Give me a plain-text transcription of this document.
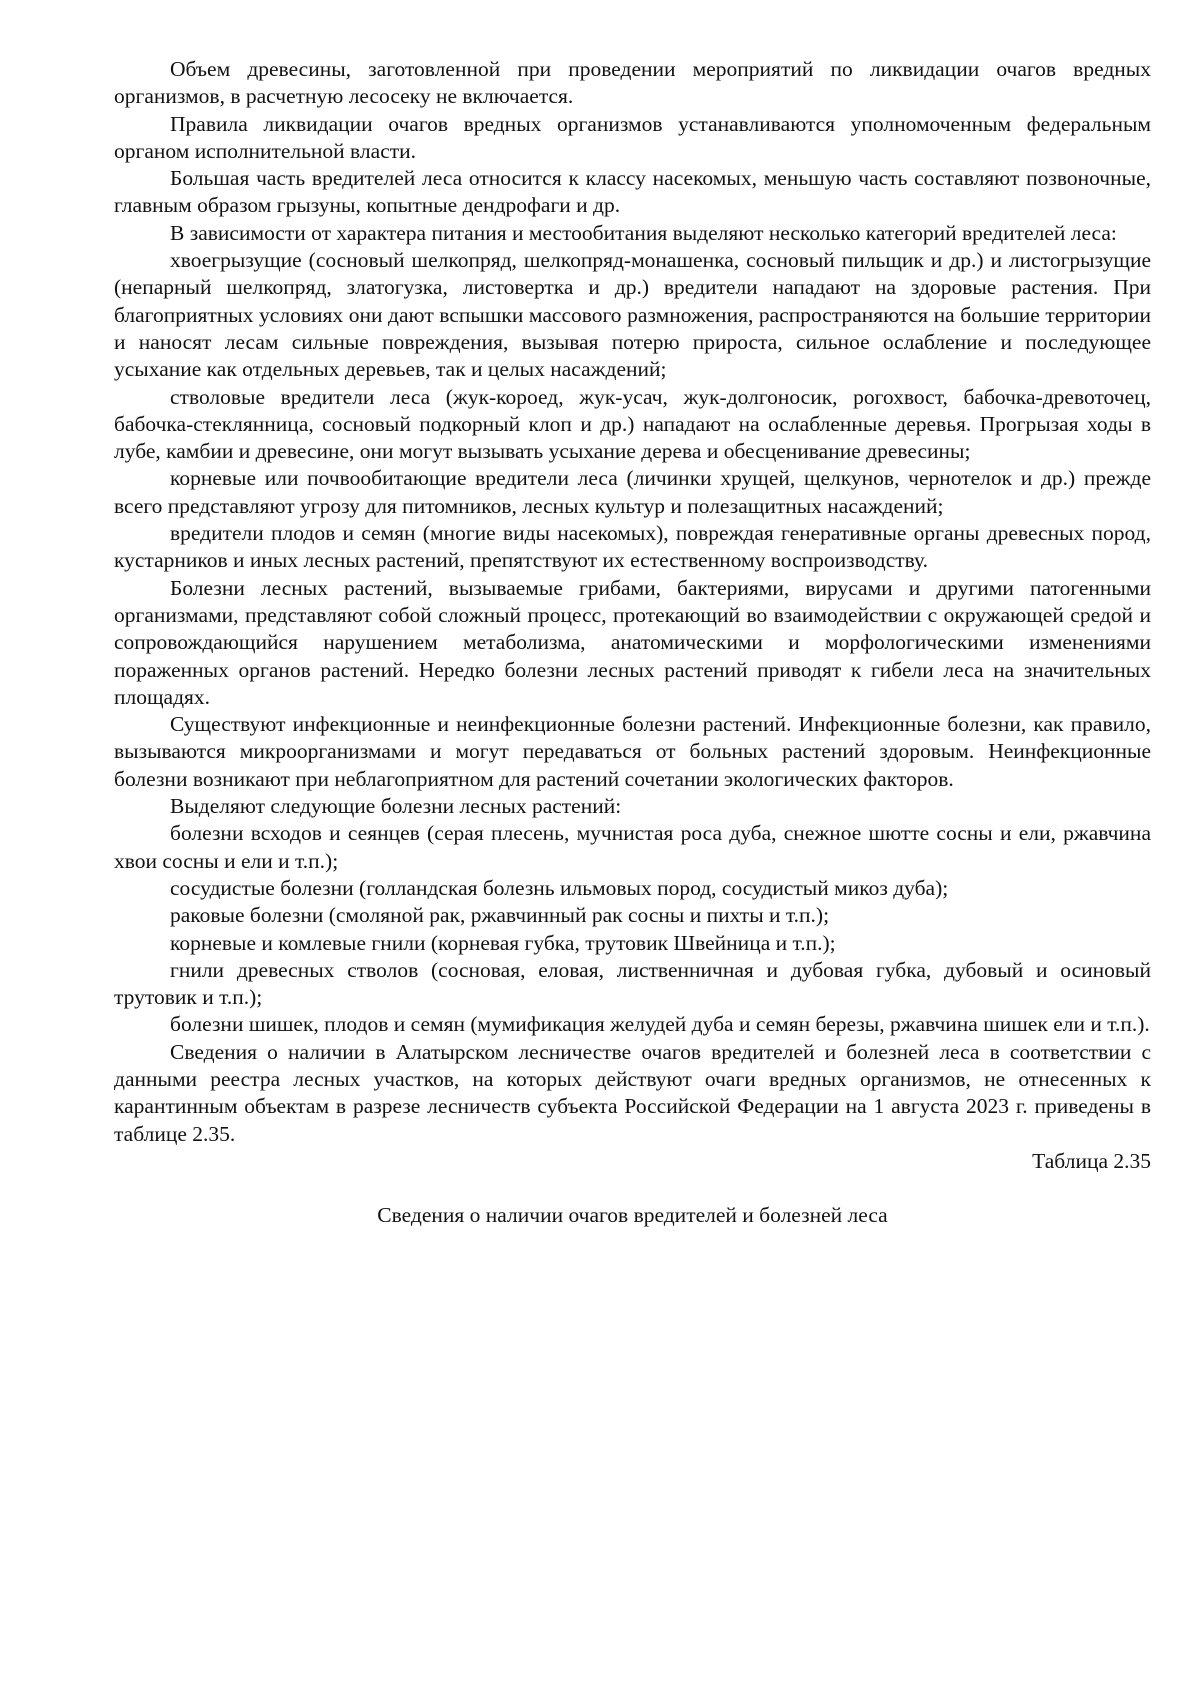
Объем древесины, заготовленной при проведении мероприятий по ликвидации очагов вредных организмов, в расчетную лесосеку не включается.

Правила ликвидации очагов вредных организмов устанавливаются уполномоченным федеральным органом исполнительной власти.

Большая часть вредителей леса относится к классу насекомых, меньшую часть составляют позвоночные, главным образом грызуны, копытные дендрофаги и др.

В зависимости от характера питания и местообитания выделяют несколько категорий вредителей леса:

хвоегрызущие (сосновый шелкопряд, шелкопряд-монашенка, сосновый пильщик и др.) и листогрызущие (непарный шелкопряд, златогузка, листовертка и др.) вредители нападают на здоровые растения. При благоприятных условиях они дают вспышки массового размножения, распространяются на большие территории и наносят лесам сильные повреждения, вызывая потерю прироста, сильное ослабление и последующее усыхание как отдельных деревьев, так и целых насаждений;

стволовые вредители леса (жук-короед, жук-усач, жук-долгоносик, рогохвост, бабочка-древоточец, бабочка-стеклянница, сосновый подкорный клоп и др.) нападают на ослабленные деревья. Прогрызая ходы в лубе, камбии и древесине, они могут вызывать усыхание дерева и обесценивание древесины;

корневые или почвообитающие вредители леса (личинки хрущей, щелкунов, чернотелок и др.) прежде всего представляют угрозу для питомников, лесных культур и полезащитных насаждений;

вредители плодов и семян (многие виды насекомых), повреждая генеративные органы древесных пород, кустарников и иных лесных растений, препятствуют их естественному воспроизводству.

Болезни лесных растений, вызываемые грибами, бактериями, вирусами и другими патогенными организмами, представляют собой сложный процесс, протекающий во взаимодействии с окружающей средой и сопровождающийся нарушением метаболизма, анатомическими и морфологическими изменениями пораженных органов растений. Нередко болезни лесных растений приводят к гибели леса на значительных площадях.

Существуют инфекционные и неинфекционные болезни растений. Инфекционные болезни, как правило, вызываются микроорганизмами и могут передаваться от больных растений здоровым. Неинфекционные болезни возникают при неблагоприятном для растений сочетании экологических факторов.

Выделяют следующие болезни лесных растений:

болезни всходов и сеянцев (серая плесень, мучнистая роса дуба, снежное шютте сосны и ели, ржавчина хвои сосны и ели и т.п.);

сосудистые болезни (голландская болезнь ильмовых пород, сосудистый микоз дуба);

раковые болезни (смоляной рак, ржавчинный рак сосны и пихты и т.п.);

корневые и комлевые гнили (корневая губка, трутовик Швейница и т.п.);

гнили древесных стволов (сосновая, еловая, лиственничная и дубовая губка, дубовый и осиновый трутовик и т.п.);

болезни шишек, плодов и семян (мумификация желудей дуба и семян березы, ржавчина шишек ели и т.п.).

Сведения о наличии в Алатырском лесничестве очагов вредителей и болезней леса в соответствии с данными реестра лесных участков, на которых действуют очаги вредных организмов, не отнесенных к карантинным объектам в разрезе лесничеств субъекта Российской Федерации на 1 августа 2023 г. приведены в таблице 2.35.

Таблица 2.35

Сведения о наличии очагов вредителей и болезней леса
